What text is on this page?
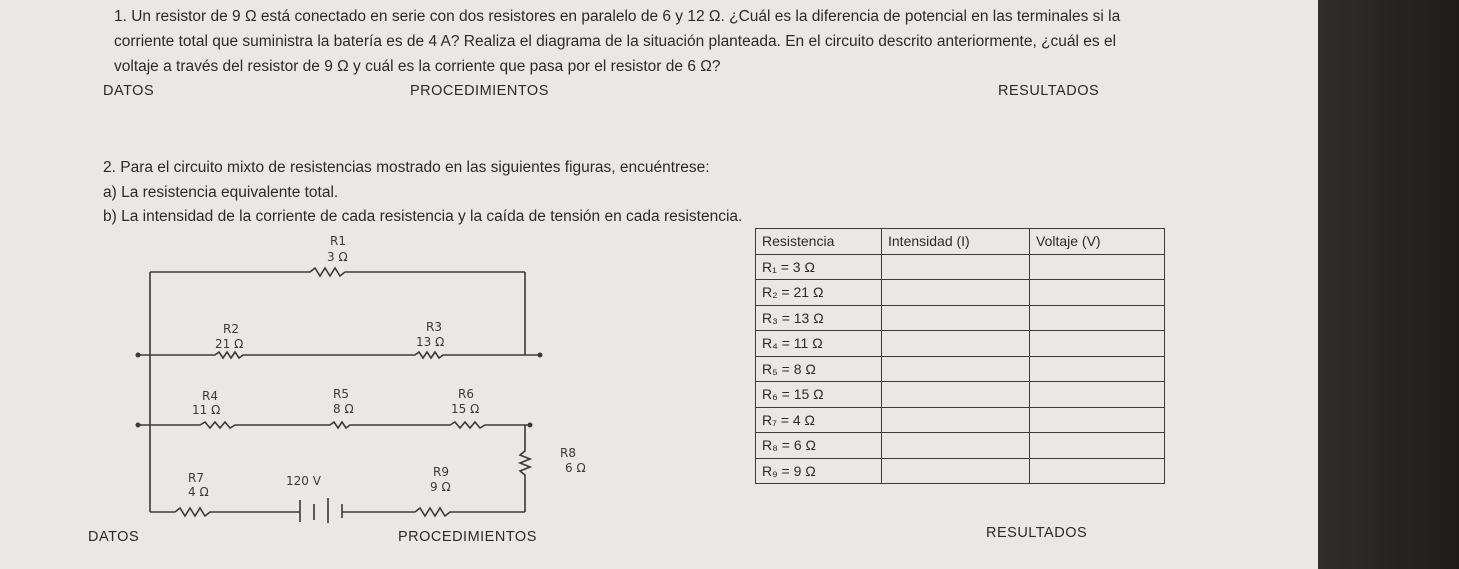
1. Un resistor de 9 Ω está conectado en serie con dos resistores en paralelo de 6 y 12 Ω. ¿Cuál es la diferencia de potencial en las terminales si la
corriente total que suministra la batería es de 4 A? Realiza el diagrama de la situación planteada. En el circuito descrito anteriormente, ¿cuál es el
voltaje a través del resistor de 9 Ω y cuál es la corriente que pasa por el resistor de 6 Ω?
DATOS	PROCEDIMIENTOS	RESULTADOS
2. Para el circuito mixto de resistencias mostrado en las siguientes figuras, encuéntrese:
a) La resistencia equivalente total.
b) La intensidad de la corriente de cada resistencia y la caída de tensión en cada resistencia.
R1
3 Ω
R2
21 Ω
R3
13 Ω
R4
11 Ω
R5
8 Ω
R6
15 Ω
R8
6 Ω
R7
4 Ω
120 V
R9
9 Ω
Resistencia	Intensidad (I)	Voltaje (V)
R₁ = 3 Ω		
R₂ = 21 Ω		
R₃ = 13 Ω		
R₄ = 11 Ω		
R₅ = 8 Ω		
R₆ = 15 Ω		
R₇ = 4 Ω		
R₈ = 6 Ω		
R₉ = 9 Ω		
DATOS	PROCEDIMIENTOS	RESULTADOS
